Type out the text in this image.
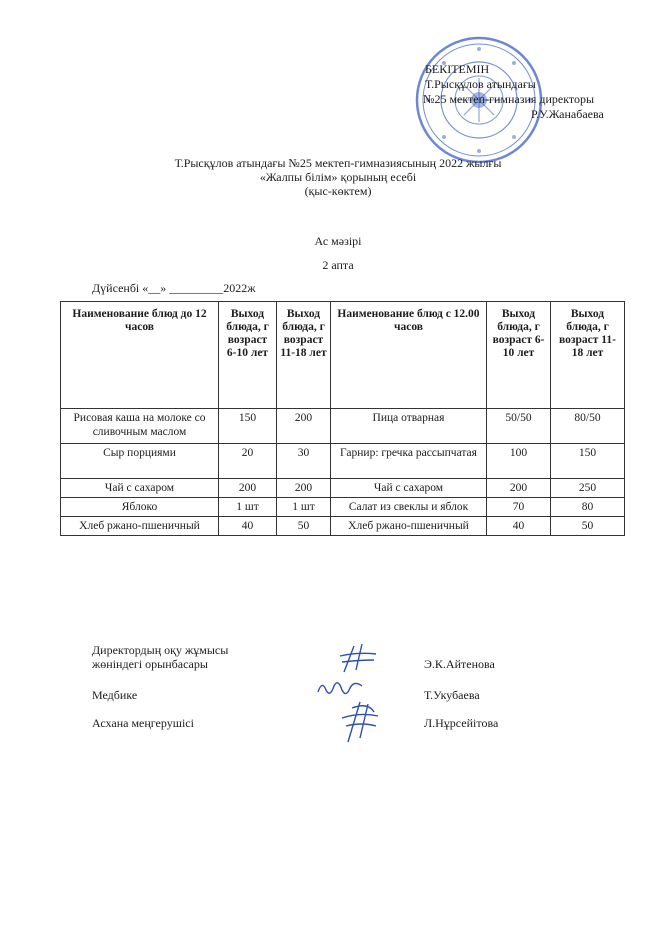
БЕКІТЕМІН
Т.Рысқұлов атындағы
№25 мектеп-гимназия директоры
Р.У.Жанабаева
Т.Рысқұлов атындағы №25 мектеп-гимназиясының 2022 жылғы
«Жалпы білім» қорының есебі
(қыс-көктем)
Ас мәзірі
2 апта
Дүйсенбі «__» _________2022ж
Наименование блюд до 12 часов	Выход блюда, г возраст 6-10 лет	Выход блюда, г возраст 11-18 лет	Наименование блюд с 12.00 часов	Выход блюда, г возраст 6-10 лет	Выход блюда, г возраст 11-18 лет
Рисовая каша на молоке со сливочным маслом	150	200	Пица отварная	50/50	80/50
Сыр порциями	20	30	Гарнир: гречка рассыпчатая	100	150
Чай с сахаром	200	200	Чай с сахаром	200	250
Яблоко	1 шт	1 шт	Салат из свеклы и яблок	70	80
Хлеб ржано-пшеничный	40	50	Хлеб ржано-пшеничный	40	50
Директордың оқу жұмысы
жөніндегі орынбасары	Э.К.Айтенова
Медбике	Т.Укубаева
Асхана меңгерушісі	Л.Нұрсейітова
